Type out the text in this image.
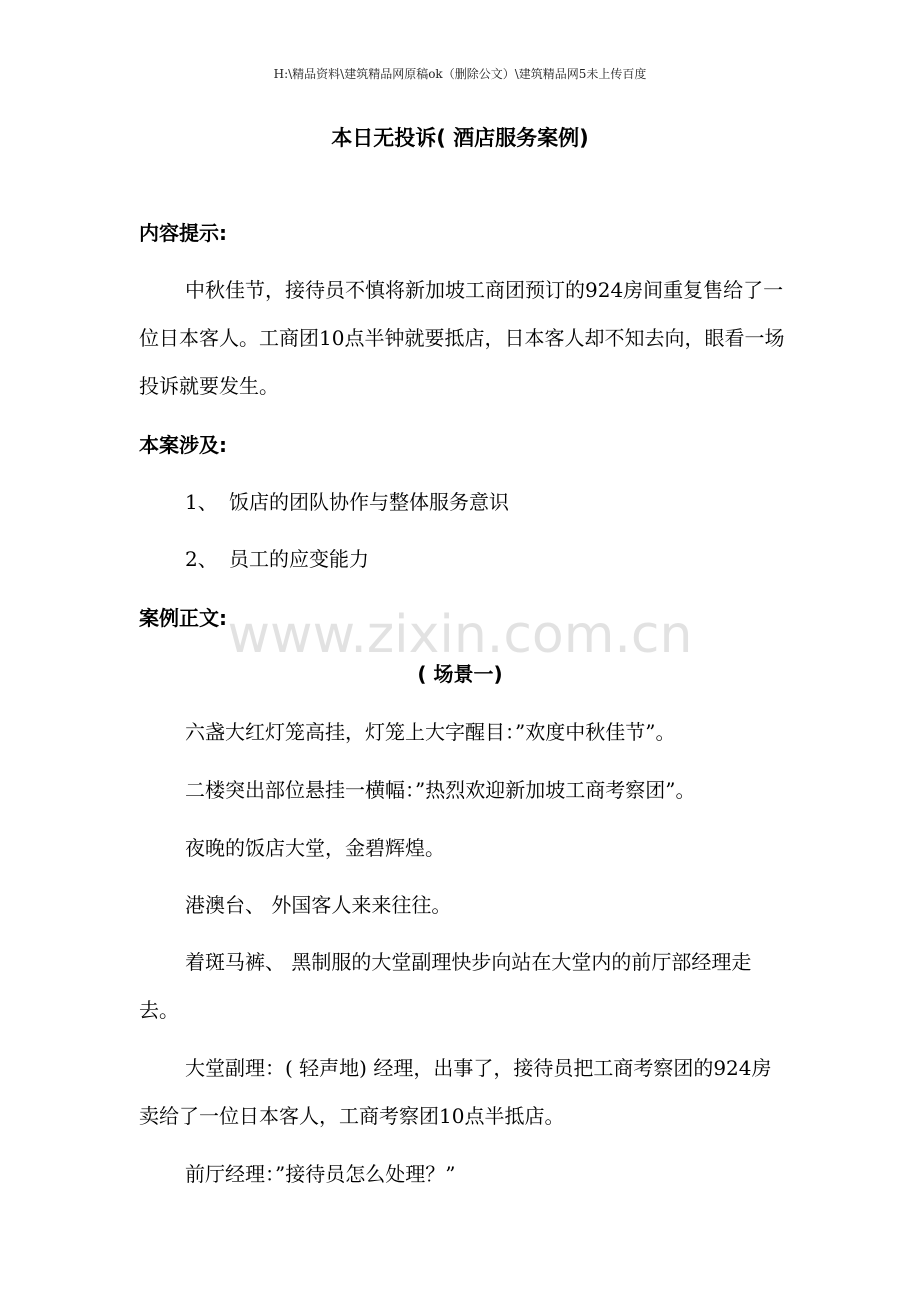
H:\精品资料\建筑精品网原稿ok（删除公文）\建筑精品网5未上传百度
本日无投诉( 酒店服务案例)
内容提示:
中秋佳节，接待员不慎将新加坡工商团预订的924房间重复售给了一位日本客人。工商团10点半钟就要抵店，日本客人却不知去向，眼看一场投诉就要发生。
本案涉及:
1、 饭店的团队协作与整体服务意识
2、 员工的应变能力
案例正文: www.zixin.com.cn
( 场景一)
六盏大红灯笼高挂，灯笼上大字醒目：”欢度中秋佳节”。
二楼突出部位悬挂一横幅：”热烈欢迎新加坡工商考察团”。
夜晚的饭店大堂，金碧辉煌。
港澳台、 外国客人来来往往。
着斑马裤、 黑制服的大堂副理快步向站在大堂内的前厅部经理走去。
大堂副理：( 轻声地) 经理，出事了，接待员把工商考察团的924房卖给了一位日本客人，工商考察团10点半抵店。
前厅经理：”接待员怎么处理？”
